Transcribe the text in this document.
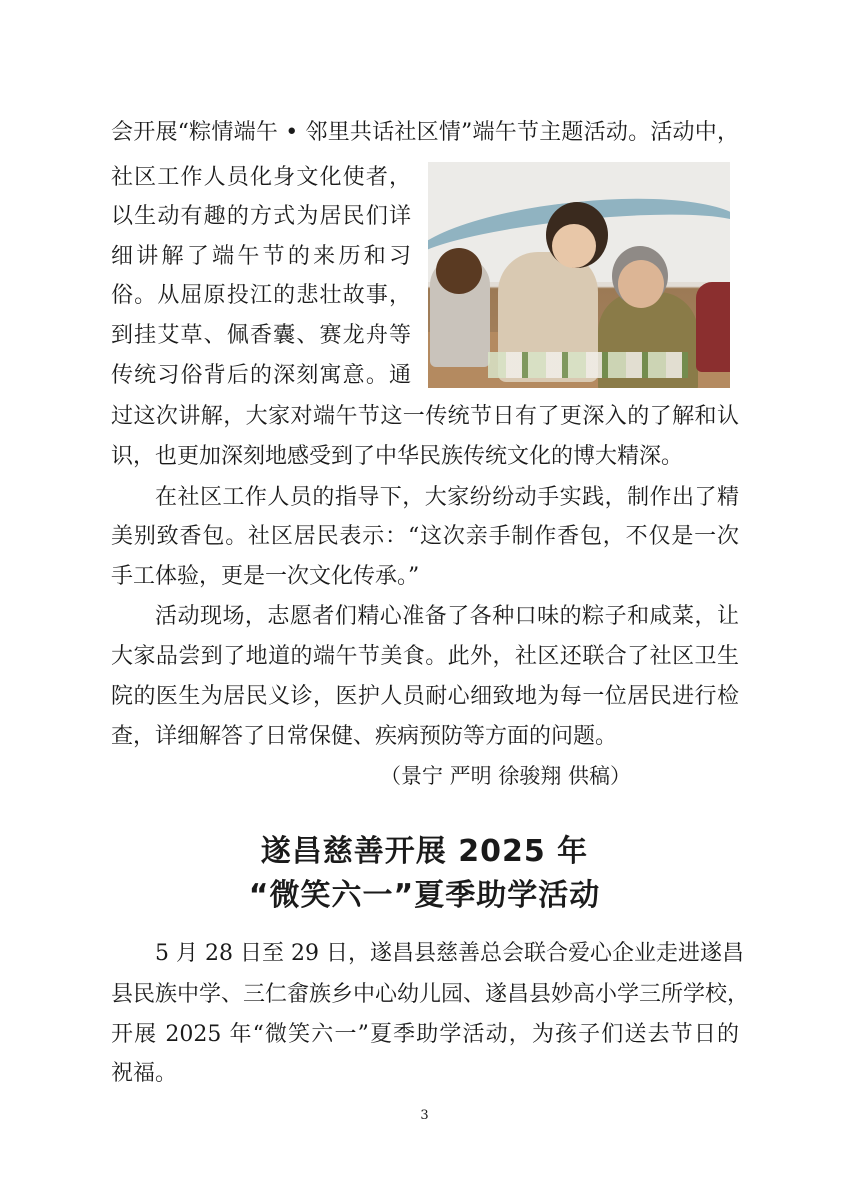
会开展“粽情端午 • 邻里共话社区情”端午节主题活动。活动中，
社区工作人员化身文化使者，
以生动有趣的方式为居民们详
细讲解了端午节的来历和习
俗。从屈原投江的悲壮故事，
到挂艾草、佩香囊、赛龙舟等
传统习俗背后的深刻寓意。通
过这次讲解，大家对端午节这一传统节日有了更深入的了解和认
识，也更加深刻地感受到了中华民族传统文化的博大精深。
在社区工作人员的指导下，大家纷纷动手实践，制作出了精
美别致香包。社区居民表示：“这次亲手制作香包，不仅是一次
手工体验，更是一次文化传承。”
活动现场，志愿者们精心准备了各种口味的粽子和咸菜，让
大家品尝到了地道的端午节美食。此外，社区还联合了社区卫生
院的医生为居民义诊，医护人员耐心细致地为每一位居民进行检
查，详细解答了日常保健、疾病预防等方面的问题。
（景宁 严明 徐骏翔 供稿）
遂昌慈善开展 2025 年
“微笑六一”夏季助学活动
5 月 28 日至 29 日，遂昌县慈善总会联合爱心企业走进遂昌
县民族中学、三仁畲族乡中心幼儿园、遂昌县妙高小学三所学校，
开展 2025 年“微笑六一”夏季助学活动，为孩子们送去节日的
祝福。
3
